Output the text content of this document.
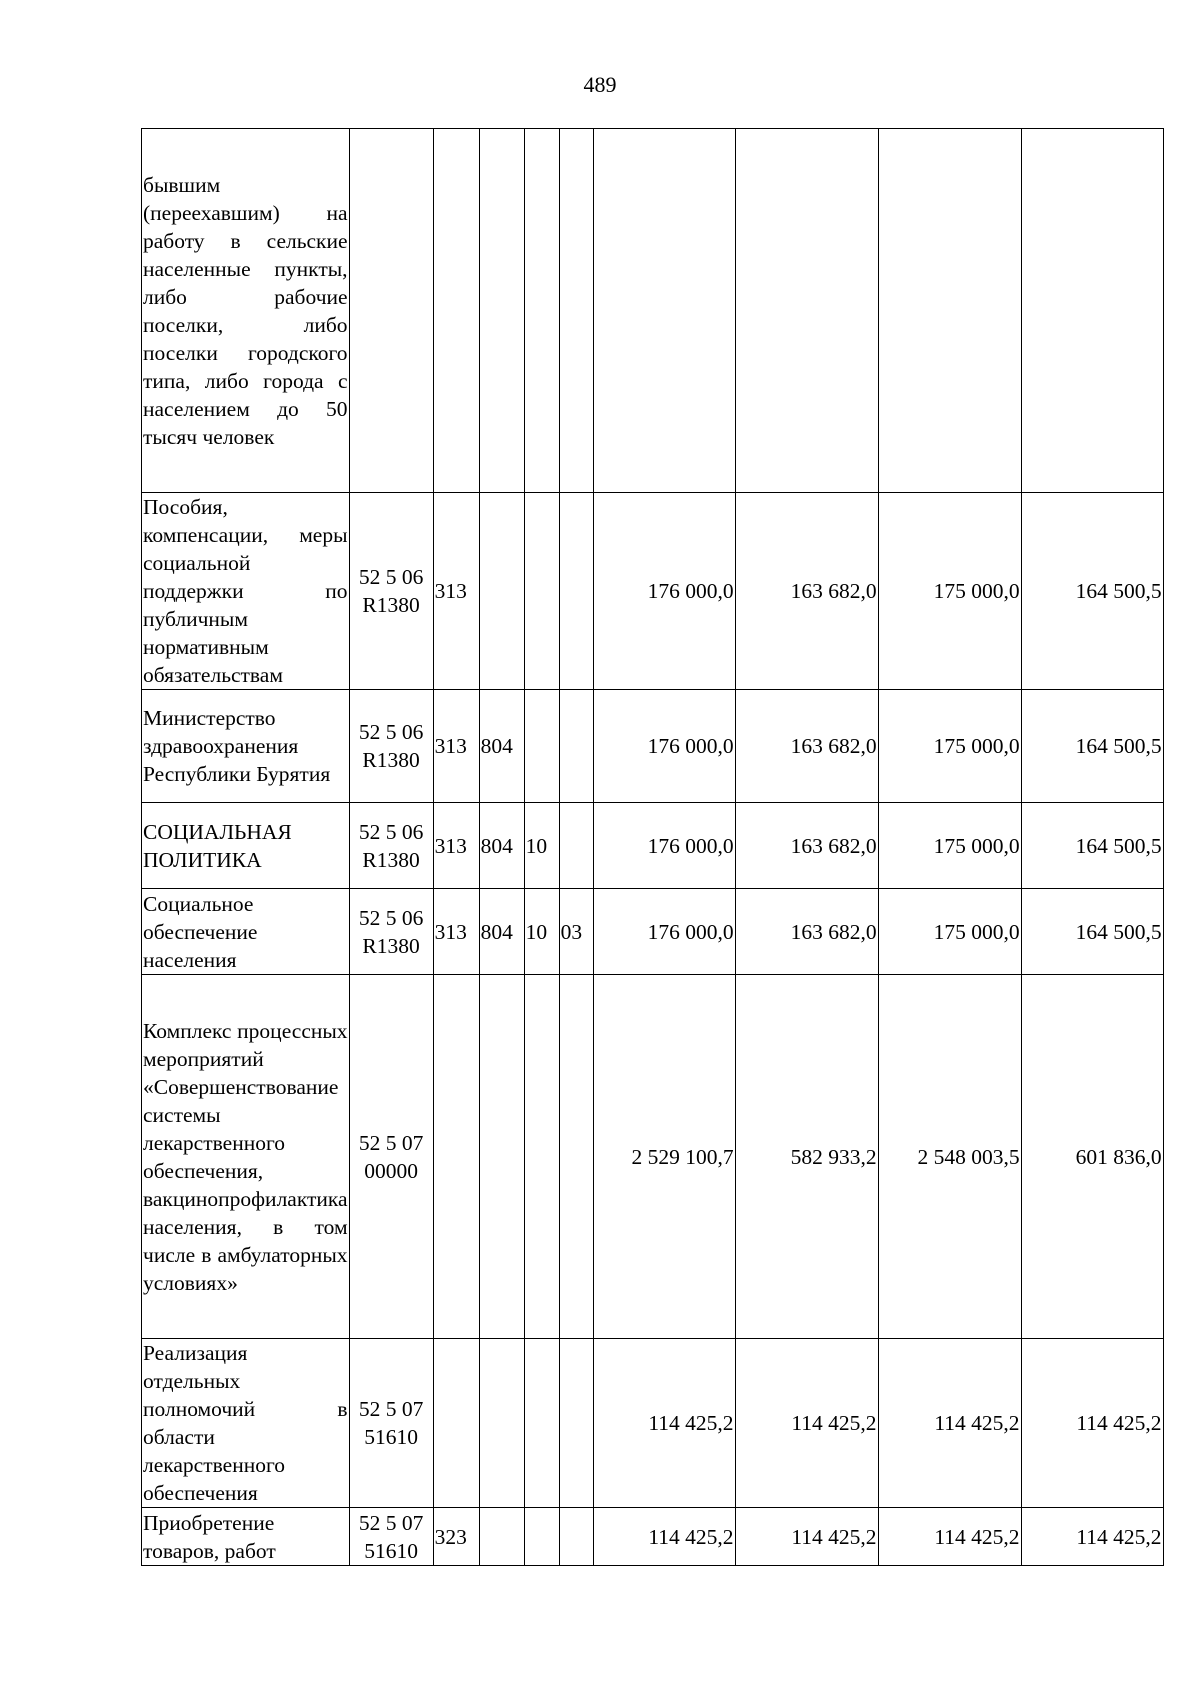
489
бывшим (переехавшим) на работу в сельские населенные пункты, либо рабочие поселки, либо поселки городского типа, либо города с населением до 50 тысяч человек									
Пособия, компенсации, меры социальной поддержки по публичным нормативным обязательствам	52 5 06 R1380	313				176 000,0	163 682,0	175 000,0	164 500,5
Министерство здравоохранения Республики Бурятия	52 5 06 R1380	313	804			176 000,0	163 682,0	175 000,0	164 500,5
СОЦИАЛЬНАЯ ПОЛИТИКА	52 5 06 R1380	313	804	10		176 000,0	163 682,0	175 000,0	164 500,5
Социальное обеспечение населения	52 5 06 R1380	313	804	10	03	176 000,0	163 682,0	175 000,0	164 500,5
Комплекс процессных мероприятий «Совершенствование системы лекарственного обеспечения, вакцинопрофилактика населения, в том числе в амбулаторных условиях»	52 5 07 00000					2 529 100,7	582 933,2	2 548 003,5	601 836,0
Реализация отдельных полномочий в области лекарственного обеспечения	52 5 07 51610					114 425,2	114 425,2	114 425,2	114 425,2
Приобретение товаров, работ	52 5 07 51610	323				114 425,2	114 425,2	114 425,2	114 425,2
